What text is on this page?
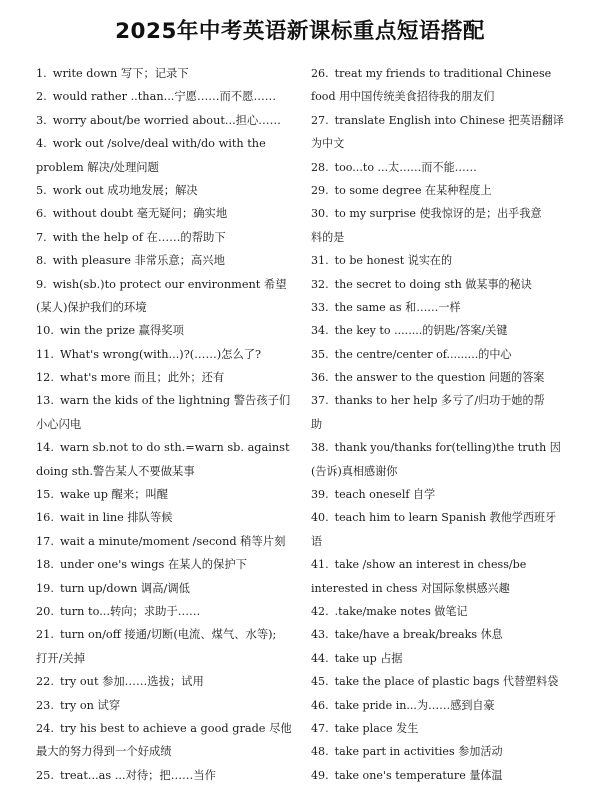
2025年中考英语新课标重点短语搭配
1. write down 写下；记录下
2. would rather ..than...宁愿……而不愿……
3. worry about/be worried about...担心……
4. work out /solve/deal with/do with the
problem 解决/处理问题
5. work out 成功地发展；解决
6. without doubt 毫无疑问；确实地
7. with the help of 在……的帮助下
8. with pleasure 非常乐意；高兴地
9. wish(sb.)to protect our environment 希望
(某人)保护我们的环境
10. win the prize 赢得奖项
11. What's wrong(with...)?(……)怎么了?
12. what's more 而且；此外；还有
13. warn the kids of the lightning 警告孩子们
小心闪电
14. warn sb.not to do sth.=warn sb. against
doing sth.警告某人不要做某事
15. wake up 醒来；叫醒
16. wait in line 排队等候
17. wait a minute/moment /second 稍等片刻
18. under one's wings 在某人的保护下
19. turn up/down 调高/调低
20. turn to...转向；求助于……
21. turn on/off 接通/切断(电流、煤气、水等);
打开/关掉
22. try out 参加……选拔；试用
23. try on 试穿
24. try his best to achieve a good grade 尽他
最大的努力得到一个好成绩
25. treat...as ...对待；把……当作
26. treat my friends to traditional Chinese
food 用中国传统美食招待我的朋友们
27. translate English into Chinese 把英语翻译
为中文
28. too...to ...太……而不能……
29. to some degree 在某种程度上
30. to my surprise 使我惊讶的是；出乎我意
料的是
31. to be honest 说实在的
32. the secret to doing sth 做某事的秘诀
33. the same as 和……一样
34. the key to ........的钥匙/答案/关键
35. the centre/center of.........的中心
36. the answer to the question 问题的答案
37. thanks to her help 多亏了/归功于她的帮
助
38. thank you/thanks for(telling)the truth 因
(告诉)真相感谢你
39. teach oneself 自学
40. teach him to learn Spanish 教他学西班牙
语
41. take /show an interest in chess/be
interested in chess 对国际象棋感兴趣
42. .take/make notes 做笔记
43. take/have a break/breaks 休息
44. take up 占据
45. take the place of plastic bags 代替塑料袋
46. take pride in...为……感到自豪
47. take place 发生
48. take part in activities 参加活动
49. take one's temperature 量体温
